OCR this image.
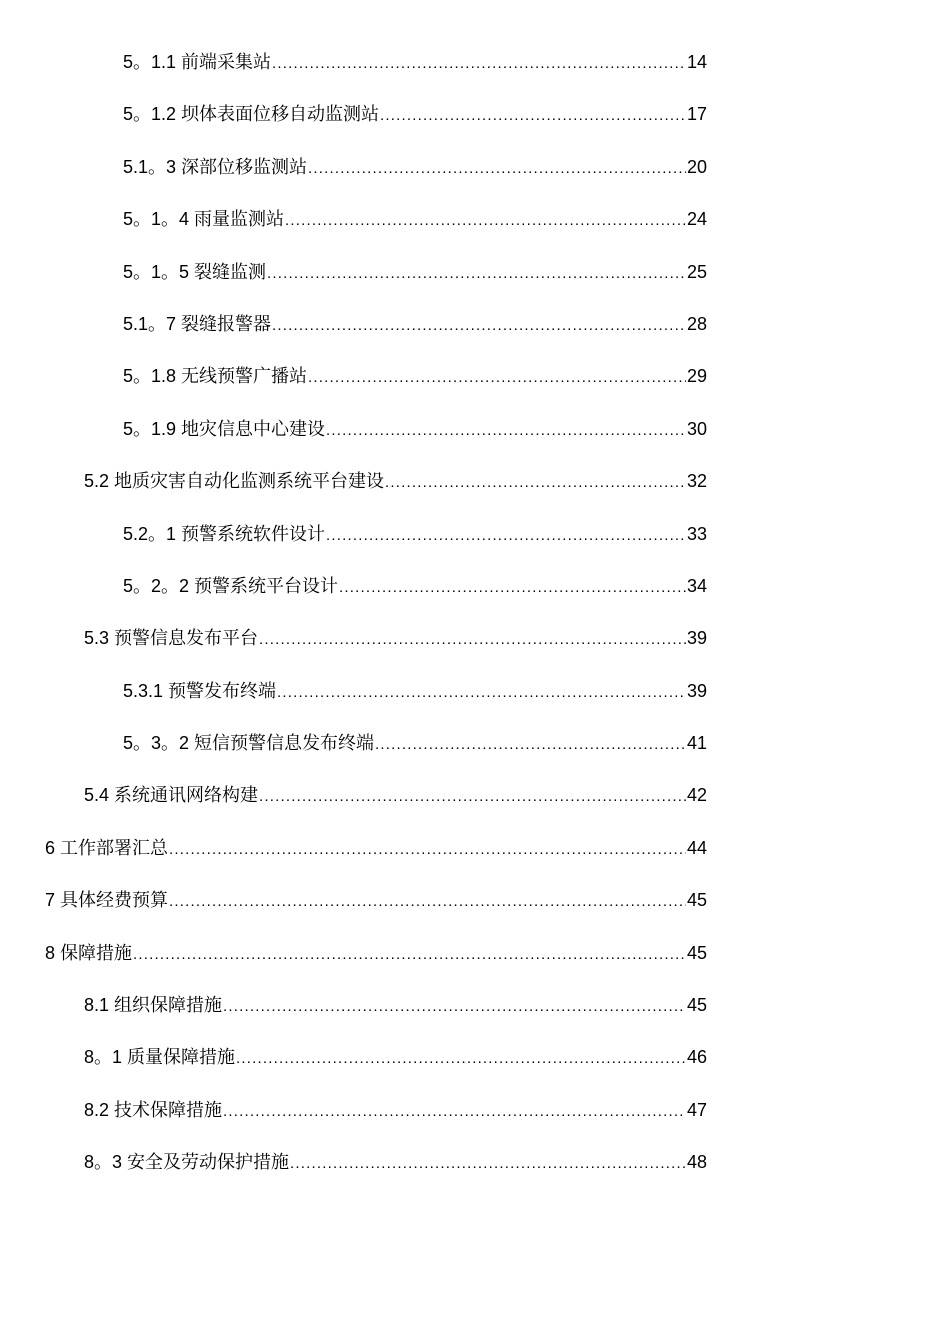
5。1.1 前端采集站 .....	14
5。1.2 坝体表面位移自动监测站 .....	17
5.1。3 深部位移监测站 .....	20
5。1。4 雨量监测站 .....	24
5。1。5 裂缝监测 .....	25
5.1。7 裂缝报警器 .....	28
5。1.8 无线预警广播站 .....	29
5。1.9 地灾信息中心建设 .....	30
5.2 地质灾害自动化监测系统平台建设 .....	32
5.2。1 预警系统软件设计 .....	33
5。2。2 预警系统平台设计 .....	34
5.3 预警信息发布平台 .....	39
5.3.1 预警发布终端 .....	39
5。3。2 短信预警信息发布终端 .....	41
5.4 系统通讯网络构建 .....	42
6 工作部署汇总 .....	44
7 具体经费预算 .....	45
8 保障措施 .....	45
8.1 组织保障措施 .....	45
8。1 质量保障措施 .....	46
8.2 技术保障措施 .....	47
8。3 安全及劳动保护措施 .....	48
